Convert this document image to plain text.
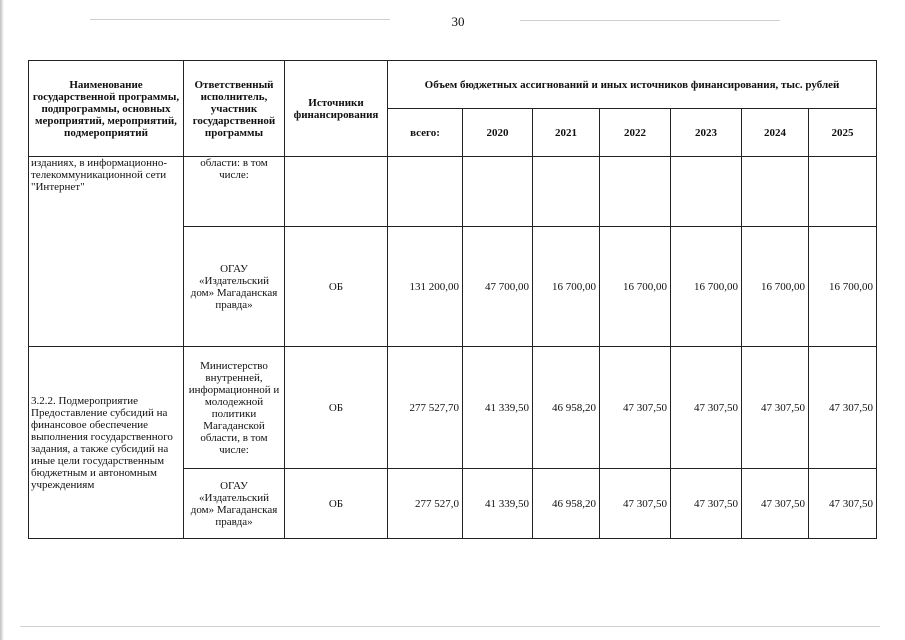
30
Наименование государственной программы, подпрограммы, основных мероприятий, мероприятий, подмероприятий	Ответственный исполнитель, участник государственной программы	Источники финансирования	Объем бюджетных ассигнований и иных источников финансирования, тыс. рублей						
			всего:	2020	2021	2022	2023	2024	2025
изданиях, в информационно-телекоммуникационной сети "Интернет"	области: в том числе:								
	ОГАУ «Издательский дом» Магаданская правда»	ОБ	131 200,00	47 700,00	16 700,00	16 700,00	16 700,00	16 700,00	16 700,00
3.2.2. Подмероприятие Предоставление субсидий на финансовое обеспечение выполнения государственного задания, а также субсидий на иные цели государственным бюджетным и автономным учреждениям	Министерство внутренней, информационной и молодежной политики Магаданской области, в том числе:	ОБ	277 527,70	41 339,50	46 958,20	47 307,50	47 307,50	47 307,50	47 307,50
	ОГАУ «Издательский дом» Магаданская правда»	ОБ	277 527,0	41 339,50	46 958,20	47 307,50	47 307,50	47 307,50	47 307,50
